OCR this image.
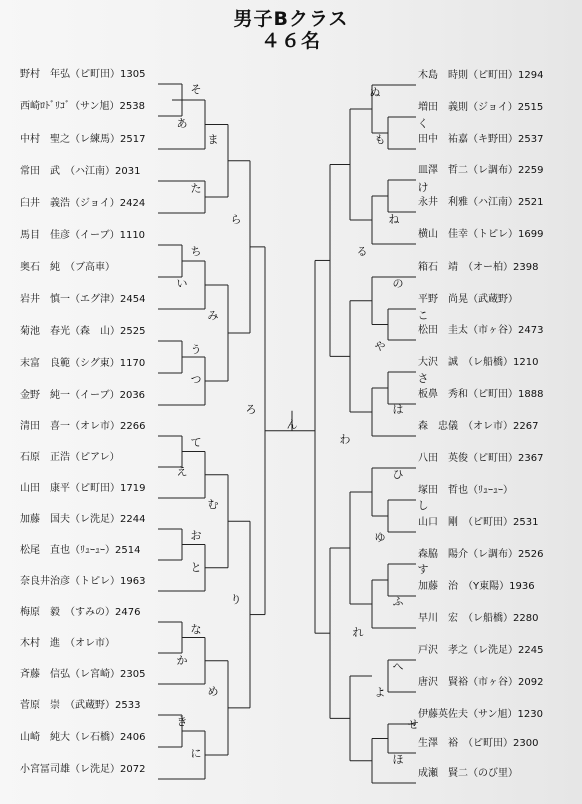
男子Bクラス
４６名
野村　年弘（ピ町田）1305
西崎ﾛﾄﾞﾘｺﾞ（サン旭）2538
中村　聖之（レ練馬）2517
常田　武　（ハ江南）2031
臼井　義浩（ジョイ）2424
馬目　佳彦（イーブ）1110
奥石　純　（ブ高車）
岩井　慎一（エグ津）2454
菊池　春光（森　山）2525
末富　良範（シグ東）1170
金野　純一（イーブ）2036
清田　喜一（オレ市）2266
石原　正浩（ピアレ）
山田　康平（ピ町田）1719
加藤　国夫（レ洗足）2244
松尾　直也（ﾘｭｰｭｰ）2514
奈良井治彦（トピレ）1963
梅原　毅　（すみの）2476
木村　進　（オレ市）
斉藤　信弘（レ宮崎）2305
菅原　崇　（武蔵野）2533
山崎　純大（レ石橋）2406
小宮冨司雄（レ洗足）2072
木島　時則（ピ町田）1294
増田　義則（ジョイ）2515
田中　祐嘉（キ野田）2537
皿澤　哲二（レ調布）2259
永井　利雅（ハ江南）2521
横山　佳幸（トピレ）1699
箱石　靖　（オー柏）2398
平野　尚晃（武蔵野）
松田　圭太（市ヶ谷）2473
大沢　誠　（レ船橋）1210
板鼻　秀和（ピ町田）1888
森　忠儀　（オレ市）2267
八田　英俊（ピ町田）2367
塚田　哲也（ﾘｭｰｭｰ）
山口　剛　（ピ町田）2531
森脇　陽介（レ調布）2526
加藤　治　（Y東陽）1936
早川　宏　（レ船橋）2280
戸沢　孝之（レ洗足）2245
唐沢　賢裕（市ヶ谷）2092
伊藤英佐夫（サン旭）1230
生澤　裕　（ピ町田）2300
成瀬　賢二（のび里）
そ
あ
ま
た
ら
ち
い
み
う
つ
ろ
て
え
む
お
と
り
な
か
め
き
に
ん
ぬ
く
も
け
ね
る
の
こ
や
さ
は
わ
ひ
し
ゆ
す
ふ
れ
へ
よ
せ
ほ
